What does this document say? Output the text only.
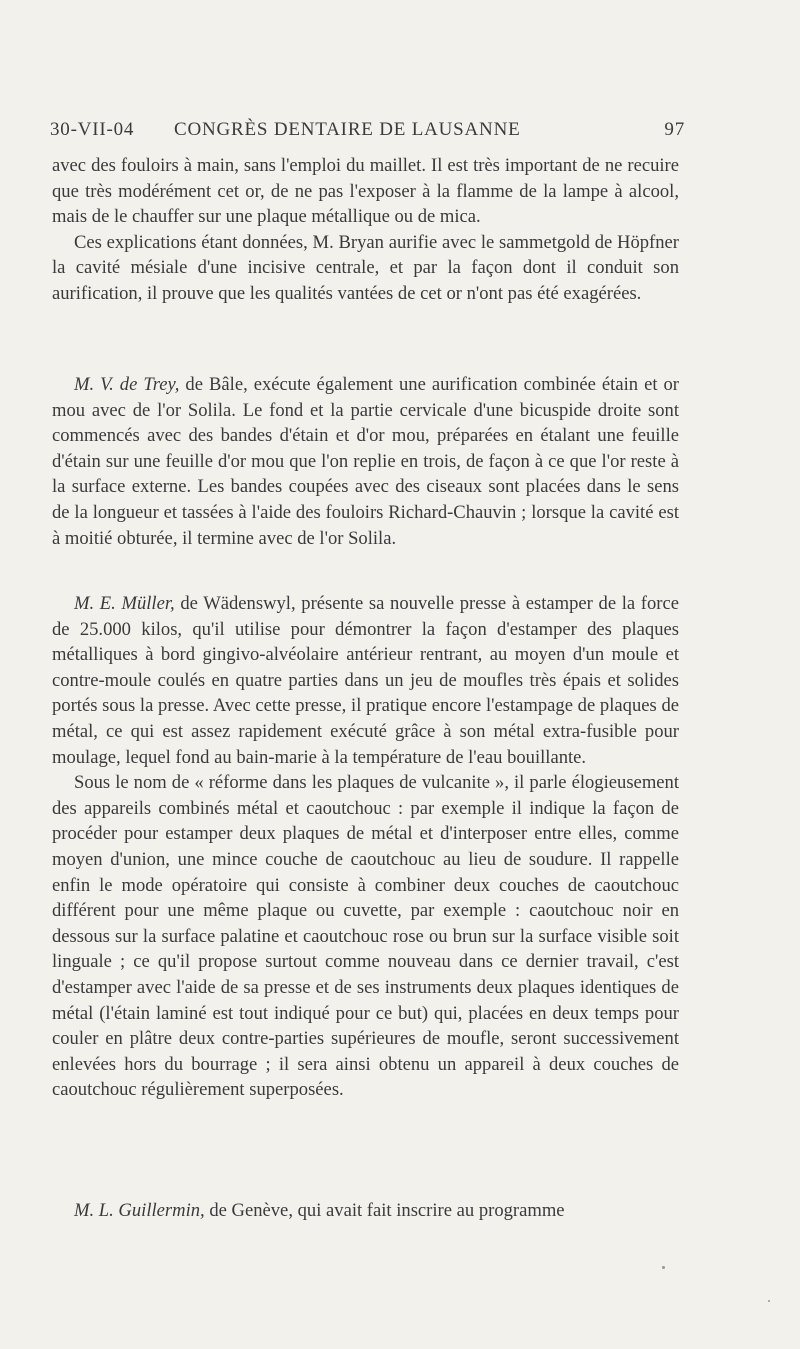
30-VII-04 CONGRÈS DENTAIRE DE LAUSANNE	97

avec des fouloirs à main, sans l'emploi du maillet. Il est très important de ne recuire que très modérément cet or, de ne pas l'exposer à la flamme de la lampe à alcool, mais de le chauffer sur une plaque métallique ou de mica.

Ces explications étant données, M. Bryan aurifie avec le sammetgold de Höpfner la cavité mésiale d'une incisive centrale, et par la façon dont il conduit son aurification, il prouve que les qualités vantées de cet or n'ont pas été exagérées.

M. V. de Trey, de Bâle, exécute également une aurification combinée étain et or mou avec de l'or Solila. Le fond et la partie cervicale d'une bicuspide droite sont commencés avec des bandes d'étain et d'or mou, préparées en étalant une feuille d'étain sur une feuille d'or mou que l'on replie en trois, de façon à ce que l'or reste à la surface externe. Les bandes coupées avec des ciseaux sont placées dans le sens de la longueur et tassées à l'aide des fouloirs Richard-Chauvin ; lorsque la cavité est à moitié obturée, il termine avec de l'or Solila.

M. E. Müller, de Wädenswyl, présente sa nouvelle presse à estamper de la force de 25.000 kilos, qu'il utilise pour démontrer la façon d'estamper des plaques métalliques à bord gingivo-alvéolaire antérieur rentrant, au moyen d'un moule et contre-moule coulés en quatre parties dans un jeu de moufles très épais et solides portés sous la presse. Avec cette presse, il pratique encore l'estampage de plaques de métal, ce qui est assez rapidement exécuté grâce à son métal extra-fusible pour moulage, lequel fond au bain-marie à la température de l'eau bouillante.

Sous le nom de « réforme dans les plaques de vulcanite », il parle élogieusement des appareils combinés métal et caoutchouc : par exemple il indique la façon de procéder pour estamper deux plaques de métal et d'interposer entre elles, comme moyen d'union, une mince couche de caoutchouc au lieu de soudure. Il rappelle enfin le mode opératoire qui consiste à combiner deux couches de caoutchouc différent pour une même plaque ou cuvette, par exemple : caoutchouc noir en dessous sur la surface palatine et caoutchouc rose ou brun sur la surface visible soit linguale ; ce qu'il propose surtout comme nouveau dans ce dernier travail, c'est d'estamper avec l'aide de sa presse et de ses instruments deux plaques identiques de métal (l'étain laminé est tout indiqué pour ce but) qui, placées en deux temps pour couler en plâtre deux contre-parties supérieures de moufle, seront successivement enlevées hors du bourrage ; il sera ainsi obtenu un appareil à deux couches de caoutchouc régulièrement superposées.

M. L. Guillermin, de Genève, qui avait fait inscrire au programme
